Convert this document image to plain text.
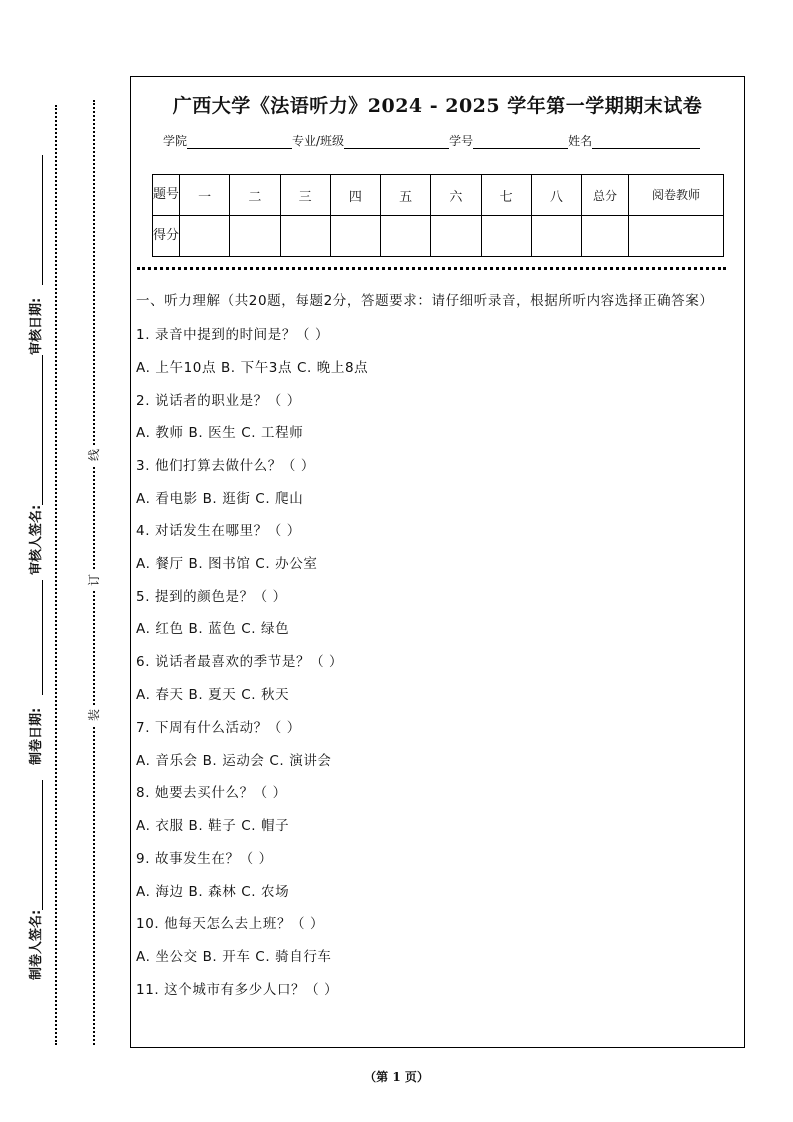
审核日期:
审核人签名:
制卷日期:
制卷人签名:
线
订
装
广西大学《法语听力》2024 - 2025 学年第一学期期末试卷
学院	专业/班级	学号	姓名
题号	一	二	三	四	五	六	七	八	总分	阅卷教师
得分										
一、听力理解（共20题，每题2分，答题要求：请仔细听录音，根据所听内容选择正确答案）
1. 录音中提到的时间是？（ ）
A. 上午10点 B. 下午3点 C. 晚上8点
2. 说话者的职业是？（ ）
A. 教师 B. 医生 C. 工程师
3. 他们打算去做什么？（ ）
A. 看电影 B. 逛街 C. 爬山
4. 对话发生在哪里？（ ）
A. 餐厅 B. 图书馆 C. 办公室
5. 提到的颜色是？（ ）
A. 红色 B. 蓝色 C. 绿色
6. 说话者最喜欢的季节是？（ ）
A. 春天 B. 夏天 C. 秋天
7. 下周有什么活动？（ ）
A. 音乐会 B. 运动会 C. 演讲会
8. 她要去买什么？（ ）
A. 衣服 B. 鞋子 C. 帽子
9. 故事发生在？（ ）
A. 海边 B. 森林 C. 农场
10. 他每天怎么去上班？（ ）
A. 坐公交 B. 开车 C. 骑自行车
11. 这个城市有多少人口？（ ）
（第 1 页）
